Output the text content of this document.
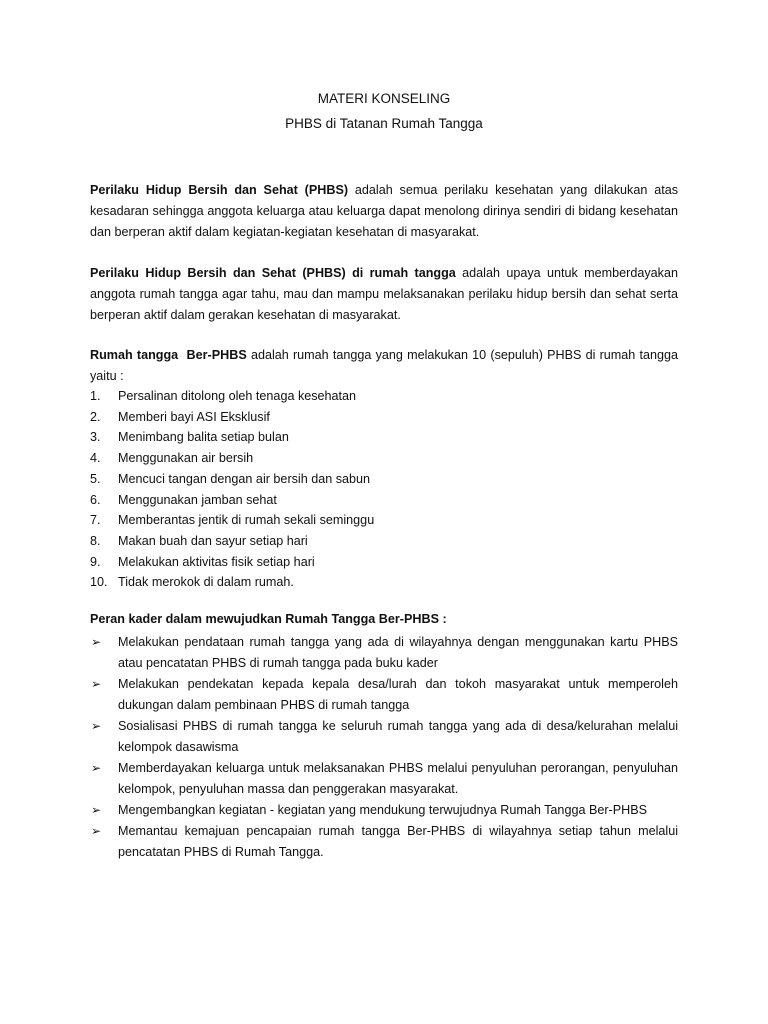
MATERI KONSELING
PHBS di Tatanan Rumah Tangga
Perilaku Hidup Bersih dan Sehat (PHBS) adalah semua perilaku kesehatan yang dilakukan atas kesadaran sehingga anggota keluarga atau keluarga dapat menolong dirinya sendiri di bidang kesehatan dan berperan aktif dalam kegiatan-kegiatan kesehatan di masyarakat.
Perilaku Hidup Bersih dan Sehat (PHBS) di rumah tangga adalah upaya untuk memberdayakan anggota rumah tangga agar tahu, mau dan mampu melaksanakan perilaku hidup bersih dan sehat serta berperan aktif dalam gerakan kesehatan di masyarakat.
Rumah tangga  Ber-PHBS adalah rumah tangga yang melakukan 10 (sepuluh) PHBS di rumah tangga yaitu :
1. Persalinan ditolong oleh tenaga kesehatan
2. Memberi bayi ASI Eksklusif
3. Menimbang balita setiap bulan
4. Menggunakan air bersih
5. Mencuci tangan dengan air bersih dan sabun
6. Menggunakan jamban sehat
7. Memberantas jentik di rumah sekali seminggu
8. Makan buah dan sayur setiap hari
9. Melakukan aktivitas fisik setiap hari
10. Tidak merokok di dalam rumah.
Peran kader dalam mewujudkan Rumah Tangga Ber-PHBS :
➢ Melakukan pendataan rumah tangga yang ada di wilayahnya dengan menggunakan kartu PHBS atau pencatatan PHBS di rumah tangga pada buku kader
➢ Melakukan pendekatan kepada kepala desa/lurah dan tokoh masyarakat untuk memperoleh dukungan dalam pembinaan PHBS di rumah tangga
➢ Sosialisasi PHBS di rumah tangga ke seluruh rumah tangga yang ada di desa/kelurahan melalui kelompok dasawisma
➢ Memberdayakan keluarga untuk melaksanakan PHBS melalui penyuluhan perorangan, penyuluhan kelompok, penyuluhan massa dan penggerakan masyarakat.
➢ Mengembangkan kegiatan - kegiatan yang mendukung terwujudnya Rumah Tangga Ber-PHBS
➢ Memantau kemajuan pencapaian rumah tangga Ber-PHBS di wilayahnya setiap tahun melalui pencatatan PHBS di Rumah Tangga.
